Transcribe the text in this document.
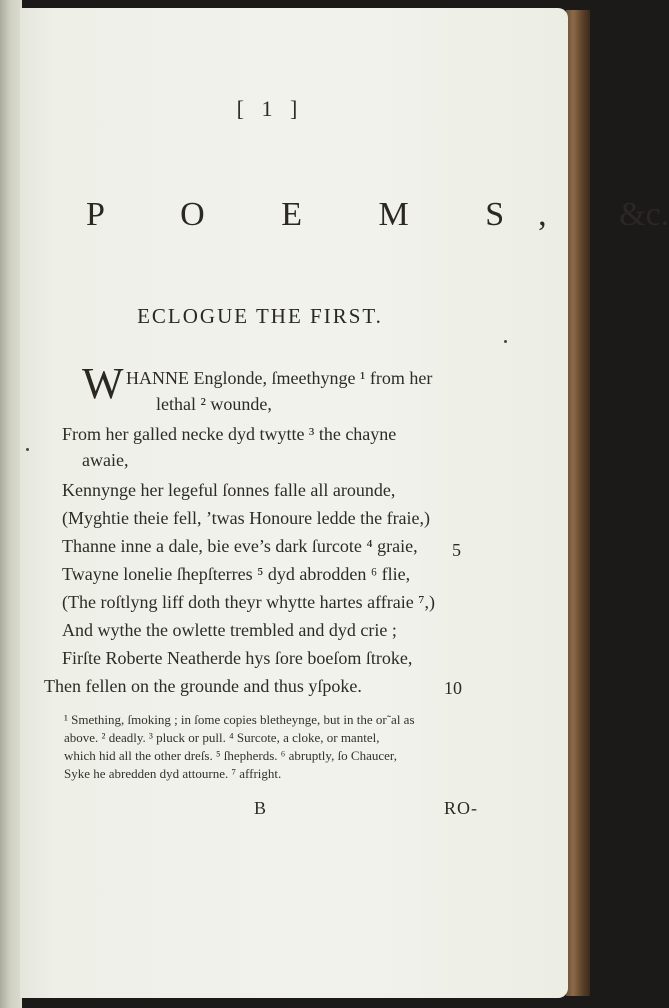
[ 1 ]
P O E M S, &c.
ECLOGUE THE FIRST.
W HANNE Englonde, ſmeethynge ¹ from her
lethal ² wounde,
From her galled necke dyd twytte ³ the chayne
awaie,
Kennynge her legeful ſonnes falle all arounde,
(Myghtie theie fell, ’twas Honoure ledde the fraie,)
Thanne inne a dale, bie eve’s dark ſurcote ⁴ graie,
Twayne lonelie ſhepſterres ⁵ dyd abrodden ⁶ flie,
(The roſtlyng liff doth theyr whytte hartes affraie ⁷,)
And wythe the owlette trembled and dyd crie ;
Firſte Roberte Neatherde hys ſore boeſom ſtroke,
Then fellen on the grounde and thus yſpoke.
5
10
¹ Smething, ſmoking ; in ſome copies bletheynge, but in the or˜al as
above. ² deadly. ³ pluck or pull. ⁴ Surcote, a cloke, or mantel,
which hid all the other dreſs. ⁵ ſhepherds. ⁶ abruptly, ſo Chaucer,
Syke he abredden dyd attourne. ⁷ affright.
B	RO-
